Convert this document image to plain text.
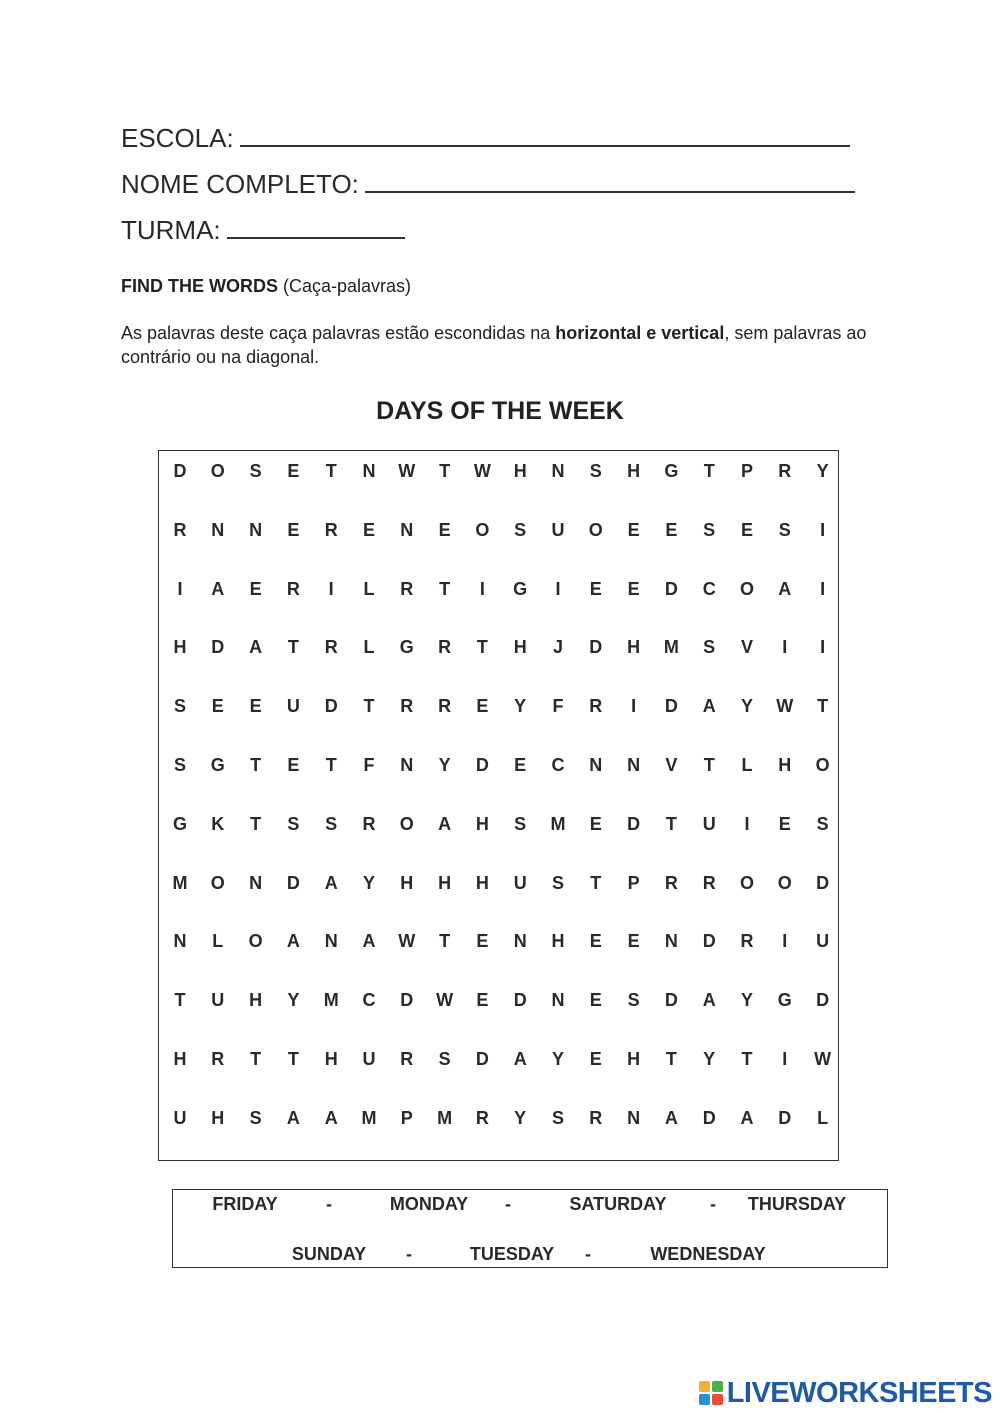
ESCOLA:
NOME COMPLETO:
TURMA:
FIND THE WORDS (Caça-palavras)
As palavras deste caça palavras estão escondidas na horizontal e vertical, sem palavras ao contrário ou na diagonal.
DAYS OF THE WEEK
D	O	S	E	T	N	W	T	W	H	N	S	H	G	T	P	R	Y
R	N	N	E	R	E	N	E	O	S	U	O	E	E	S	E	S	I
I	A	E	R	I	L	R	T	I	G	I	E	E	D	C	O	A	I
H	D	A	T	R	L	G	R	T	H	J	D	H	M	S	V	I	I
S	E	E	U	D	T	R	R	E	Y	F	R	I	D	A	Y	W	T
S	G	T	E	T	F	N	Y	D	E	C	N	N	V	T	L	H	O
G	K	T	S	S	R	O	A	H	S	M	E	D	T	U	I	E	S
M	O	N	D	A	Y	H	H	H	U	S	T	P	R	R	O	O	D
N	L	O	A	N	A	W	T	E	N	H	E	E	N	D	R	I	U
T	U	H	Y	M	C	D	W	E	D	N	E	S	D	A	Y	G	D
H	R	T	T	H	U	R	S	D	A	Y	E	H	T	Y	T	I	W
U	H	S	A	A	M	P	M	R	Y	S	R	N	A	D	A	D	L
FRIDAY	-	MONDAY -	SATURDAY - THURSDAY
SUNDAY -	TUESDAY -	WEDNESDAY
LIVEWORKSHEETS
